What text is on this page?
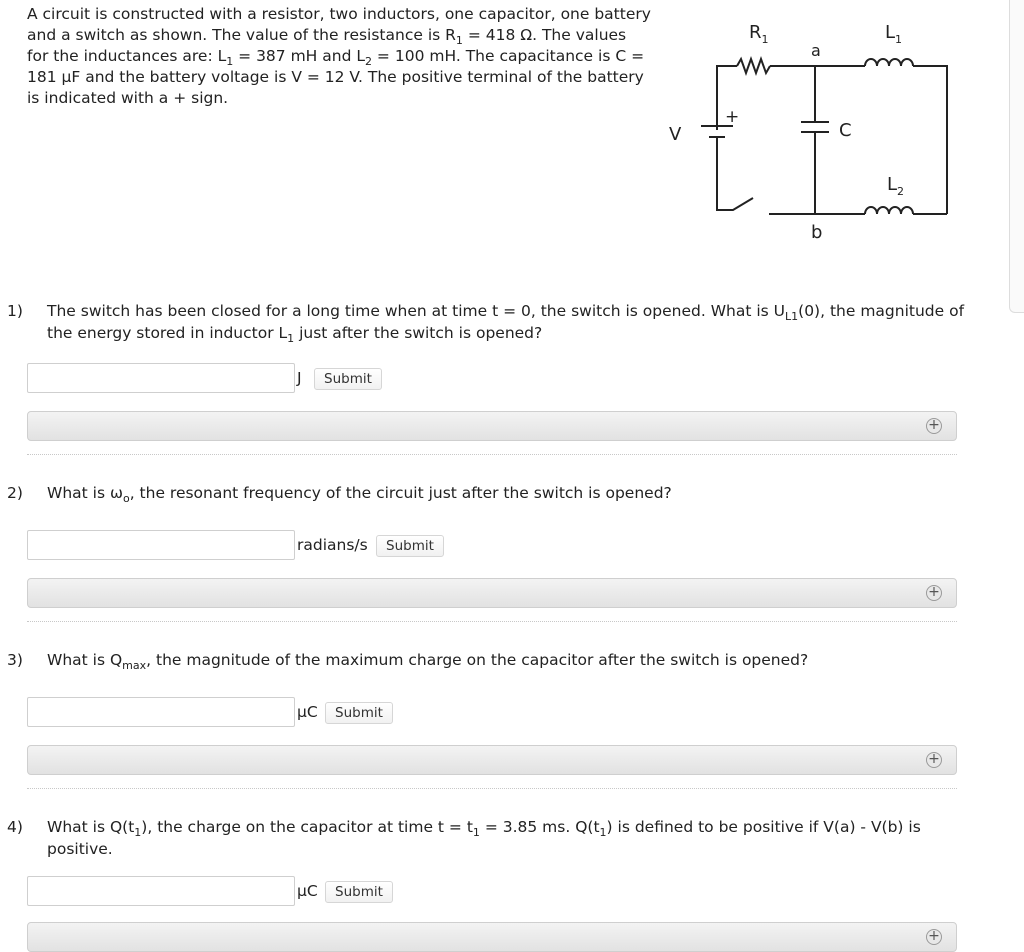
A circuit is constructed with a resistor, two inductors, one capacitor, one battery and a switch as shown. The value of the resistance is $R_1 = 418$ Ω. The values for the inductances are: $L_1 = 387$ mH and $L_2 = 100$ mH. The capacitance is C = 181 μF and the battery voltage is V = 12 V. The positive terminal of the battery is indicated with a + sign.

$R_1$
a
$L_1$
V
+
C
$L_2$
b

1) The switch has been closed for a long time when at time t = 0, the switch is opened. What is $U_{L1}(0)$, the magnitude of the energy stored in inductor $L_1$ just after the switch is opened?

J	Submit
+

2) What is $\omega_o$, the resonant frequency of the circuit just after the switch is opened?

radians/s	Submit
+

3) What is $Q_{max}$, the magnitude of the maximum charge on the capacitor after the switch is opened?

μC	Submit
+

4) What is $Q(t_1)$, the charge on the capacitor at time $t = t_1 = 3.85$ ms. $Q(t_1)$ is defined to be positive if V(a) - V(b) is positive.

μC	Submit
+
